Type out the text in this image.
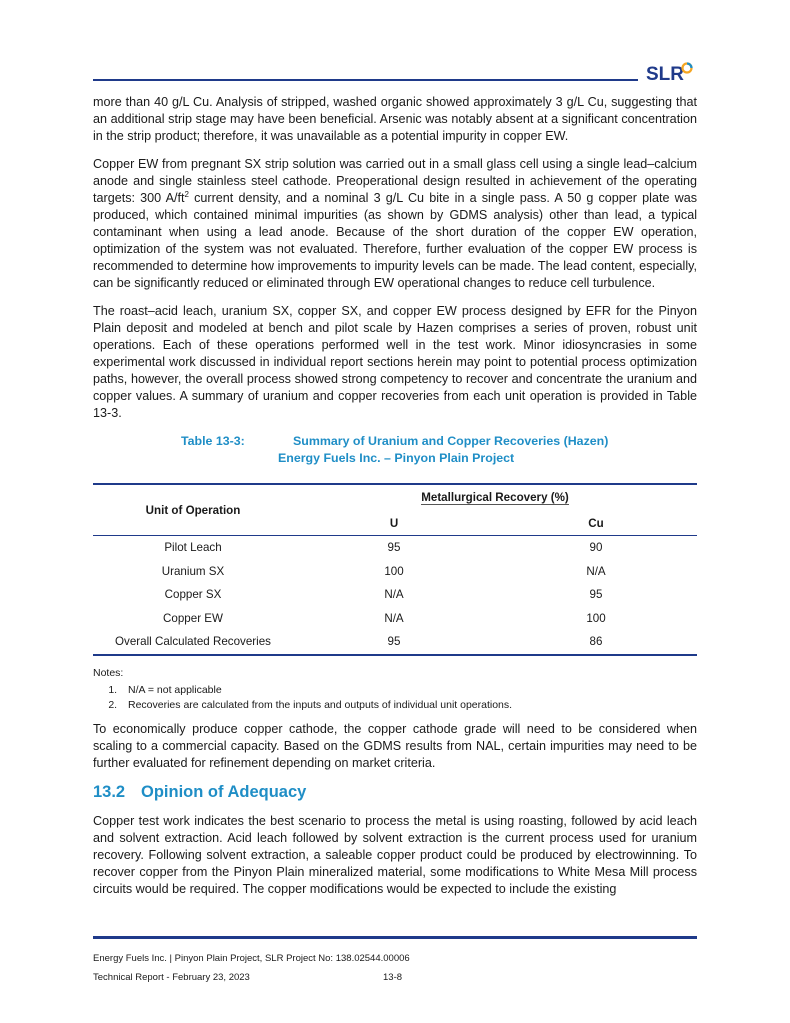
SLR

more than 40 g/L Cu. Analysis of stripped, washed organic showed approximately 3 g/L Cu, suggesting that an additional strip stage may have been beneficial. Arsenic was notably absent at a significant concentration in the strip product; therefore, it was unavailable as a potential impurity in copper EW.

Copper EW from pregnant SX strip solution was carried out in a small glass cell using a single lead–calcium anode and single stainless steel cathode. Preoperational design resulted in achievement of the operating targets: 300 $A/ft^2$ current density, and a nominal 3 g/L Cu bite in a single pass. A 50 g copper plate was produced, which contained minimal impurities (as shown by GDMS analysis) other than lead, a typical contaminant when using a lead anode. Because of the short duration of the copper EW operation, optimization of the system was not evaluated. Therefore, further evaluation of the copper EW process is recommended to determine how improvements to impurity levels can be made. The lead content, especially, can be significantly reduced or eliminated through EW operational changes to reduce cell turbulence.

The roast–acid leach, uranium SX, copper SX, and copper EW process designed by EFR for the Pinyon Plain deposit and modeled at bench and pilot scale by Hazen comprises a series of proven, robust unit operations. Each of these operations performed well in the test work. Minor idiosyncrasies in some experimental work discussed in individual report sections herein may point to potential process optimization paths, however, the overall process showed strong competency to recover and concentrate the uranium and copper values. A summary of uranium and copper recoveries from each unit operation is provided in Table 13-3.

Table 13-3:	Summary of Uranium and Copper Recoveries (Hazen)
Energy Fuels Inc. – Pinyon Plain Project
Unit of Operation	Metallurgical Recovery (%)	
	U	Cu
Pilot Leach	95	90
Uranium SX	100	N/A
Copper SX	N/A	95
Copper EW	N/A	100
Overall Calculated Recoveries	95	86
Notes:
1. N/A = not applicable
2. Recoveries are calculated from the inputs and outputs of individual unit operations.

To economically produce copper cathode, the copper cathode grade will need to be considered when scaling to a commercial capacity. Based on the GDMS results from NAL, certain impurities may need to be further evaluated for refinement depending on market criteria.

13.2 Opinion of Adequacy

Copper test work indicates the best scenario to process the metal is using roasting, followed by acid leach and solvent extraction. Acid leach followed by solvent extraction is the current process used for uranium recovery. Following solvent extraction, a saleable copper product could be produced by electrowinning. To recover copper from the Pinyon Plain mineralized material, some modifications to White Mesa Mill process circuits would be required. The copper modifications would be expected to include the existing

Energy Fuels Inc. | Pinyon Plain Project, SLR Project No: 138.02544.00006
Technical Report - February 23, 2023	13-8
